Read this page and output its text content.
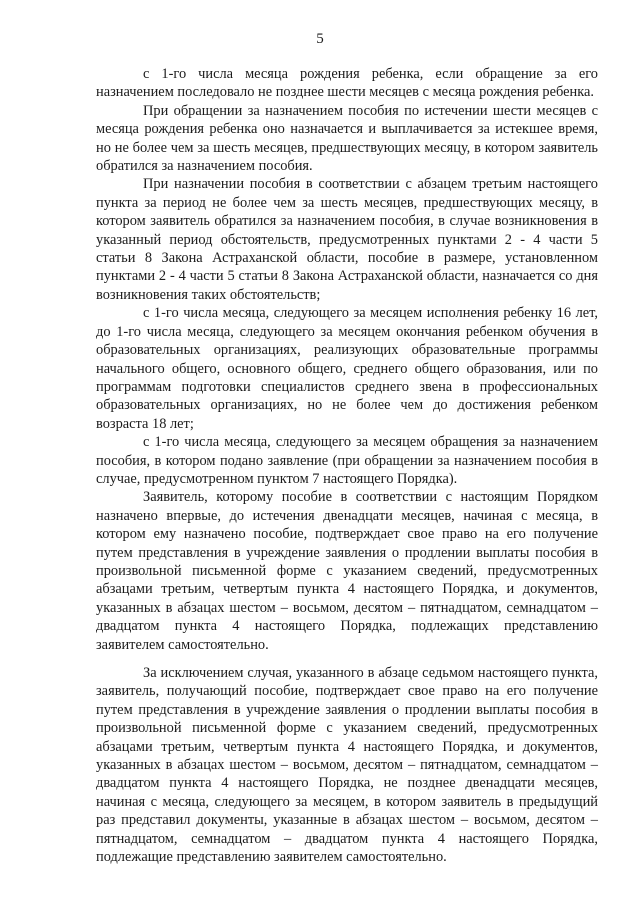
5

с 1-го числа месяца рождения ребенка, если обращение за его назначением последовало не позднее шести месяцев с месяца рождения ребенка.

При обращении за назначением пособия по истечении шести месяцев с месяца рождения ребенка оно назначается и выплачивается за истекшее время, но не более чем за шесть месяцев, предшествующих месяцу, в котором заявитель обратился за назначением пособия.

При назначении пособия в соответствии с абзацем третьим настоящего пункта за период не более чем за шесть месяцев, предшествующих месяцу, в котором заявитель обратился за назначением пособия, в случае возникновения в указанный период обстоятельств, предусмотренных пунктами 2 - 4 части 5 статьи 8 Закона Астраханской области, пособие в размере, установленном пунктами 2 - 4 части 5 статьи 8 Закона Астраханской области, назначается со дня возникновения таких обстоятельств;

с 1-го числа месяца, следующего за месяцем исполнения ребенку 16 лет, до 1-го числа месяца, следующего за месяцем окончания ребенком обучения в образовательных организациях, реализующих образовательные программы начального общего, основного общего, среднего общего образования, или по программам подготовки специалистов среднего звена в профессиональных образовательных организациях, но не более чем до достижения ребенком возраста 18 лет;

с 1-го числа месяца, следующего за месяцем обращения за назначением пособия, в котором подано заявление (при обращении за назначением пособия в случае, предусмотренном пунктом 7 настоящего Порядка).

Заявитель, которому пособие в соответствии с настоящим Порядком назначено впервые, до истечения двенадцати месяцев, начиная с месяца, в котором ему назначено пособие, подтверждает свое право на его получение путем представления в учреждение заявления о продлении выплаты пособия в произвольной письменной форме с указанием сведений, предусмотренных абзацами третьим, четвертым пункта 4 настоящего Порядка, и документов, указанных в абзацах шестом – восьмом, десятом – пятнадцатом, семнадцатом – двадцатом пункта 4 настоящего Порядка, подлежащих представлению заявителем самостоятельно.

За исключением случая, указанного в абзаце седьмом настоящего пункта, заявитель, получающий пособие, подтверждает свое право на его получение путем представления в учреждение заявления о продлении выплаты пособия в произвольной письменной форме с указанием сведений, предусмотренных абзацами третьим, четвертым пункта 4 настоящего Порядка, и документов, указанных в абзацах шестом – восьмом, десятом – пятнадцатом, семнадцатом – двадцатом пункта 4 настоящего Порядка, не позднее двенадцати месяцев, начиная с месяца, следующего за месяцем, в котором заявитель в предыдущий раз представил документы, указанные в абзацах шестом – восьмом, десятом – пятнадцатом, семнадцатом – двадцатом пункта 4 настоящего Порядка, подлежащие представлению заявителем самостоятельно.
